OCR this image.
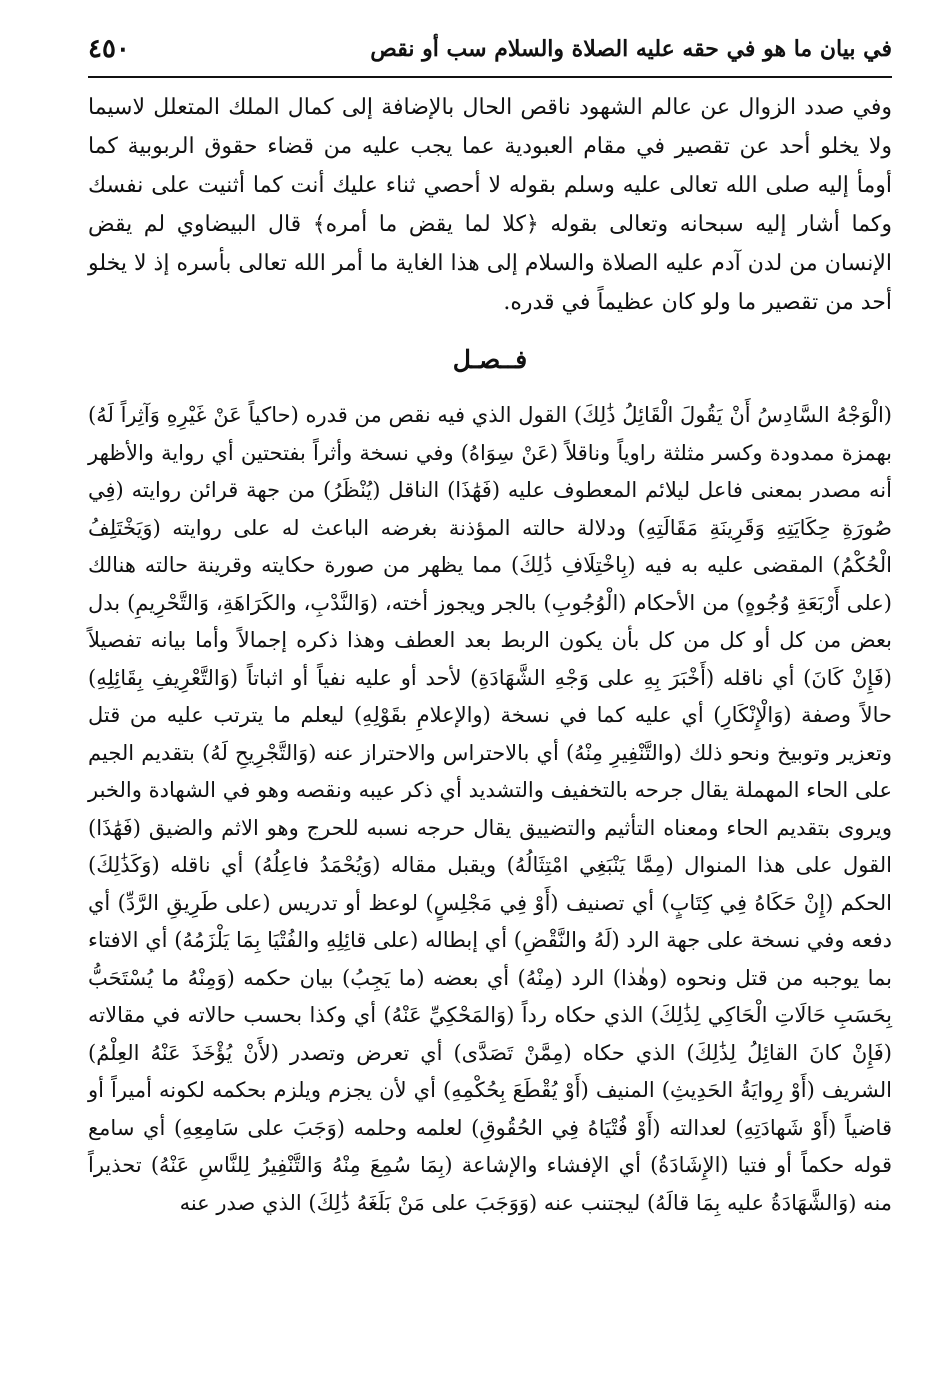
٤٥٠	في بيان ما هو في حقه عليه الصلاة والسلام سب أو نقص

وفي صدد الزوال عن عالم الشهود ناقص الحال بالإضافة إلى كمال الملك المتعلل لاسيما ولا يخلو أحد عن تقصير في مقام العبودية عما يجب عليه من قضاء حقوق الربوبية كما أومأ إليه صلى الله تعالى عليه وسلم بقوله لا أحصي ثناء عليك أنت كما أثنيت على نفسك وكما أشار إليه سبحانه وتعالى بقوله ﴿كلا لما يقض ما أمره﴾ قال البيضاوي لم يقض الإنسان من لدن آدم عليه الصلاة والسلام إلى هذا الغاية ما أمر الله تعالى بأسره إذ لا يخلو أحد من تقصير ما ولو كان عظيماً في قدره.

فــصـل

(الْوَجْهُ السَّادِسُ أَنْ يَقُولَ الْقَائِلُ ذَٰلِكَ) القول الذي فيه نقص من قدره (حاكياً عَنْ غَيْرِهِ وَآثِراً لَهُ) بهمزة ممدودة وكسر مثلثة راوياً وناقلاً (عَنْ سِوَاهُ) وفي نسخة وأثراً بفتحتين أي رواية والأظهر أنه مصدر بمعنى فاعل ليلائم المعطوف عليه (فَهَٰذَا) الناقل (يُنْظَرُ) من جهة قرائن روايته (فِي صُورَةِ حِكَايَتِهِ وَقَرِينَةِ مَقَالَتِهِ) ودلالة حالته المؤذنة بغرضه الباعث له على روايته (وَيَخْتَلِفُ الْحُكْمُ) المقضى عليه به فيه (بِاخْتِلَافِ ذَٰلِكَ) مما يظهر من صورة حكايته وقرينة حالته هنالك (على أَرْبَعَةِ وُجُوهٍ) من الأحكام (الْوُجُوبِ) بالجر ويجوز أخته، (وَالنَّدْبِ، والكَرَاهَةِ، وَالتَّحْرِيمِ) بدل بعض من كل أو كل من كل بأن يكون الربط بعد العطف وهذا ذكره إجمالاً وأما بيانه تفصيلاً (فَإِنْ كَانَ) أي ناقله (أَخْبَرَ بِهِ على وَجْهِ الشَّهَادَةِ) لأحد أو عليه نفياً أو اثباتاً (وَالتَّعْرِيفِ بِقَائِلِهِ) حالاً وصفة (وَالْإِنْكَارِ) أي عليه كما في نسخة (والإعلامِ بقَوْلِهِ) ليعلم ما يترتب عليه من قتل وتعزير وتوبيخ ونحو ذلك (والتَّنْفِيرِ مِنْهُ) أي بالاحتراس والاحتراز عنه (وَالتَّجْرِيحِ لَهُ) بتقديم الجيم على الحاء المهملة يقال جرحه بالتخفيف والتشديد أي ذكر عيبه ونقصه وهو في الشهادة والخبر ويروى بتقديم الحاء ومعناه التأثيم والتضييق يقال حرجه نسبه للحرج وهو الاثم والضيق (فَهَٰذَا) القول على هذا المنوال (مِمَّا يَنْبَغِي امْتِثَالُهُ) ويقبل مقاله (وَيُحْمَدُ فاعِلُهُ) أي ناقله (وَكَذَٰلِكَ) الحكم (إِنْ حَكَاهُ فِي كِتَابٍ) أي تصنيف (أَوْ فِي مَجْلِسٍ) لوعظ أو تدريس (على طَرِيقِ الرَّدِّ) أي دفعه وفي نسخة على جهة الرد (لَهُ والنَّقْضِ) أي إبطاله (على قائِلِهِ والفُتْيَا بِمَا يَلْزَمُهُ) أي الافتاء بما يوجبه من قتل ونحوه (وهٰذا) الرد (مِنْهُ) أي بعضه (ما يَجِبُ) بيان حكمه (وَمِنْهُ ما يُسْتَحَبُّ بِحَسَبِ حَالَاتِ الْحَاكِي لِذَٰلِكَ) الذي حكاه رداً (وَالمَحْكِيِّ عَنْهُ) أي وكذا بحسب حالاته في مقالاته (فَإِنْ كانَ القائِلُ لِذَٰلِكَ) الذي حكاه (مِمَّنْ تَصَدَّى) أي تعرض وتصدر (لأَنْ يُؤْخَذَ عَنْهُ العِلْمُ) الشريف (أَوْ رِوايَةُ الحَدِيثِ) المنيف (أَوْ يُقْطَعَ بِحُكْمِهِ) أي لأن يجزم ويلزم بحكمه لكونه أميراً أو قاضياً (أَوْ شَهادَتِهِ) لعدالته (أَوْ فُتْيَاهُ فِي الحُقُوقِ) لعلمه وحلمه (وَجَبَ على سَامِعِهِ) أي سامع قوله حكماً أو فتيا (الإِشَادَةُ) أي الإفشاء والإشاعة (بِمَا سُمِعَ مِنْهُ وَالتَّنْفِيرُ لِلنَّاسِ عَنْهُ) تحذيراً منه (وَالشَّهَادَةُ عليه بِمَا قالَهُ) ليجتنب عنه (وَوَجَبَ على مَنْ بَلَغَهُ ذَٰلِكَ) الذي صدر عنه
